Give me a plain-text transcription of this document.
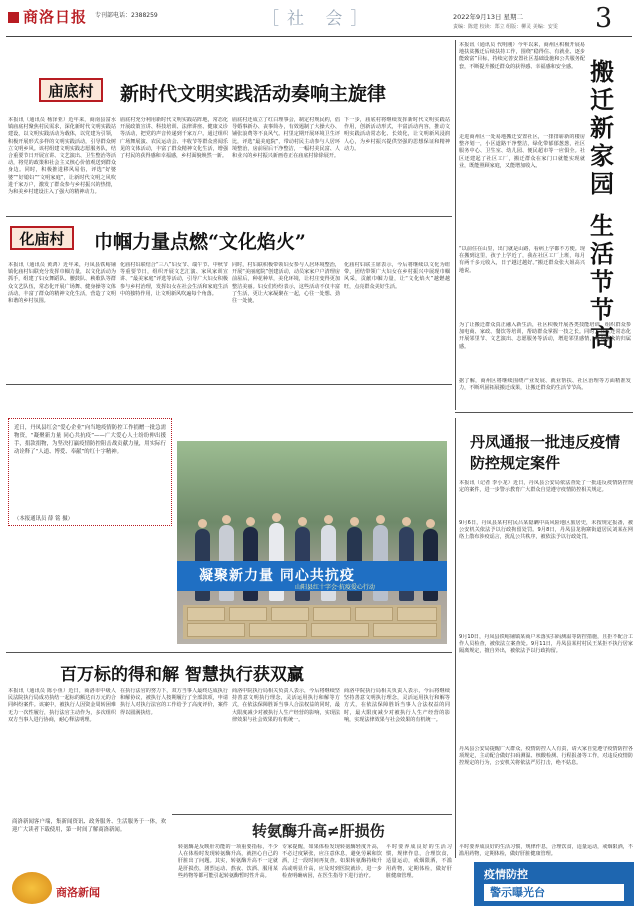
商洛日报 专刊部电话：2388259	［社 会］	2022年9月13日 星期二	3
责编：陈建 校读：郑立 组版：柳灵 美编：安雯
庙底村 新时代文明实践活动奏响主旋律
本报讯（通讯员 杨泽亚）近年来，商南县富水镇庙底村聚焦村民需求，深化新时代文明实践站建设，以文明实践活动为载体，以党建为引领，积极开展形式多样的文明实践活动，引导群众树立文明乡风。该村组建文明实践志愿服务队，结合重要节日开展宣讲、文艺演出、卫生整治等活动，将党的政策和社会主义核心价值观送到群众身边。同时，积极推进移风易俗，评选“好婆婆”“好媳妇”“文明家庭”，让新时代文明之风吹进千家万户，激发了群众参与乡村振兴的热情，为和美乡村建设注入了强大的精神动力。
庙底村充分利用新时代文明实践站阵地，常态化开展政策宣讲、科技培训、法律讲座、健康义诊等活动，把党的声音传递到千家万户。通过组织广场舞展演、农民运动会、丰收节等群众喜闻乐见的文体活动，丰富了群众精神文化生活，增强了村民的获得感和幸福感，乡村面貌焕然一新。
庙底村还成立了红白理事会，制定村规民约，倡导婚事新办、丧事简办，有效遏制了大操大办、铺张浪费等不良风气。村里定期开展环境卫生评比，评选“最美庭院”，带动村民主动参与人居环境整治，房前屋后干净整洁，一幅村美民富、人和业兴的乡村振兴新画卷正在庙底村徐徐展开。
下一步，庙底村将继续发挥新时代文明实践站作用，创新活动形式，丰富活动内容，推动文明实践活动常态化、长效化，让文明新风浸润人心，为乡村振兴提供坚强的思想保证和精神动力。
化庙村 巾帼力量点燃“文化焰火”
本报讯（通讯员 黄鸿）近年来，丹凤县铁峪铺镇化庙村妇联充分发挥巾帼力量，以文化活动为抓手，组建了妇女舞蹈队、腰鼓队、秧歌队等群众文艺队伍，常态化开展广场舞、健身操等文体活动，丰富了群众的精神文化生活，营造了文明和谐的乡村氛围。
化庙村妇联结合“三八”妇女节、端午节、中秋节等重要节日，组织开展文艺汇演、家风家训宣讲、“最美家庭”评选等活动，引导广大妇女积极参与乡村治理，发挥妇女在社会生活和家庭生活中的独特作用，让文明新风吹遍每个角落。
同时，村妇联积极带领妇女参与人居环境整治，开展“美丽庭院”创建活动，动员家家户户清理房前屋后，种花种草，美化环境，让村庄变得更加整洁美丽。妇女们纷纷表示，这些活动不仅丰富了生活，更让大家凝聚在一起，心往一处想、劲往一处使。
化庙村妇联主席表示，今后将继续以文化为纽带，团结带领广大妇女在乡村振兴中展现巾帼风采，贡献巾帼力量，让“文化焰火”越燃越旺，点亮群众美好生活。
本报讯（通讯员 代明刚）今年以来，商州区积极开展易地扶贫搬迁后续扶持工作，围绕“稳得住、有就业、逐步能致富”目标，持续完善安置社区基础设施和公共服务配套，不断提升搬迁群众的获得感、幸福感和安全感。
走进商州区一处易地搬迁安置社区，一排排崭新的楼房整齐划一，小区道路干净整洁，绿化带郁郁葱葱，社区服务中心、卫生室、幼儿园、便民超市等一应俱全。社区还建起了社区工厂，搬迁群众在家门口就能实现就业，既能照顾家庭，又能增加收入。
“以前住在山里，出门就是山路，看病上学都不方便。现在搬到这里，孩子上学近了，我在社区工厂上班，每月有两千多元收入，日子越过越好。”搬迁群众张大姐高兴地说。
搬迁新家园
生活节节高
为了让搬迁群众真正融入新生活，社区积极开展各类技能培训，组织群众参加电商、家政、餐饮等培训，帮助群众掌握一技之长。同时，社区还常态化开展邻里节、文艺演出、志愿服务等活动，增进邻里感情，增强群众的归属感。
据了解，商州区将继续围绕产业发展、就业帮扶、社区治理等方面精准发力，不断巩固拓展搬迁成果，让搬迁群众的生活节节高。
近日，丹凤县红会“爱心企业”向当地疫情防控工作捐赠一批急需物资，“凝聚新力量 同心共抗疫”——广大爱心人士纷纷伸出援手，捐款捐物，为坚决打赢疫情防控阻击战贡献力量，用实际行动诠释了“人道、博爱、奉献”的红十字精神。
（本报通讯员 薛 铭 摄）
凝聚新力量 同心共抗疫
山阳县红十字会·抗疫爱心行动
丹凤通报一批违反疫情防控规定案件
本报讯（记者 李小龙）近日，丹凤县公安局依法查处了一批违反疫情防控规定的案件，进一步警示教育广大群众自觉遵守疫情防控相关规定。
9月6日，丹凤县某村村民吕某隐瞒中高风险地区旅居史，未按规定报备，被公安机关依法予以行政拘留处罚。9月8日，丹凤县龙驹寨街道居民刘某在网络上散布涉疫谣言，扰乱公共秩序，被依法予以行政处罚。
9月10日，丹凤县铁峪铺镇某商户未落实扫码测温等防控措施，且拒不配合工作人员检查，被依法立案查处。9月11日，丹凤县某村村民王某拒不执行居家隔离规定，擅自外出，被依法予以行政拘留。
丹凤县公安局提醒广大群众，疫情防控人人有责，请大家自觉遵守疫情防控各项规定，主动配合做好扫码测温、核酸检测、行程报备等工作，对违反疫情防控规定的行为，公安机关将依法严厉打击，绝不姑息。
百万标的得和解 智慧执行获双赢
本报讯（通讯员 陈小鱼）近日，商洛市中级人民法院执行局成功执结一起标的额达百万元的合同纠纷案件。该案中，被执行人因资金周转困难无力一次性履行，执行法官主动作为，多次组织双方当事人进行协商，耐心释法明理。
在执行法官的努力下，双方当事人最终达成执行和解协议，被执行人按期履行了全部款项，申请执行人对执行法官的工作给予了高度评价，案件得以圆满执结。
商洛中院执行局相关负责人表示，今后将继续坚持善意文明执行理念，灵活运用执行和解等方式，在依法保障胜诉当事人合法权益的同时，最大限度减少对被执行人生产经营的影响，实现法律效果与社会效果的有机统一。
商洛中院执行局相关负责人表示，今后将继续坚持善意文明执行理念，灵活运用执行和解等方式，在依法保障胜诉当事人合法权益的同时，最大限度减少对被执行人生产经营的影响，实现法律效果与社会效果的有机统一。
转氨酶升高≠肝损伤
转氨酶是反映肝功能的一项重要指标，不少人在体检时发现转氨酶升高，就担心自己的肝脏出了问题。其实，转氨酶升高不一定就是肝损伤，剧烈运动、熬夜、饮酒、服用某些药物等都可能引起转氨酶暂时性升高。
专家提醒，如果体检发现转氨酶轻度升高，不必过度紧张，应注意休息，避免劳累和饮酒，过一段时间再复查。如果转氨酶持续升高或明显升高，应及时到医院就诊，进一步检查明确病因，在医生指导下进行治疗。
平时要养成良好的生活习惯，规律作息，合理饮食，适量运动，戒烟限酒，不滥用药物，定期体检，做好肝脏健康管理。
平时要养成良好的生活习惯，规律作息，合理饮食，适量运动，戒烟限酒，不滥用药物，定期体检，做好肝脏健康管理。
商洛新闻客户端，集新闻资讯、政务服务、生活服务于一体，欢迎广大读者下载使用，第一时间了解商洛新闻。
商洛新闻
疫情防控
警示曝光台
